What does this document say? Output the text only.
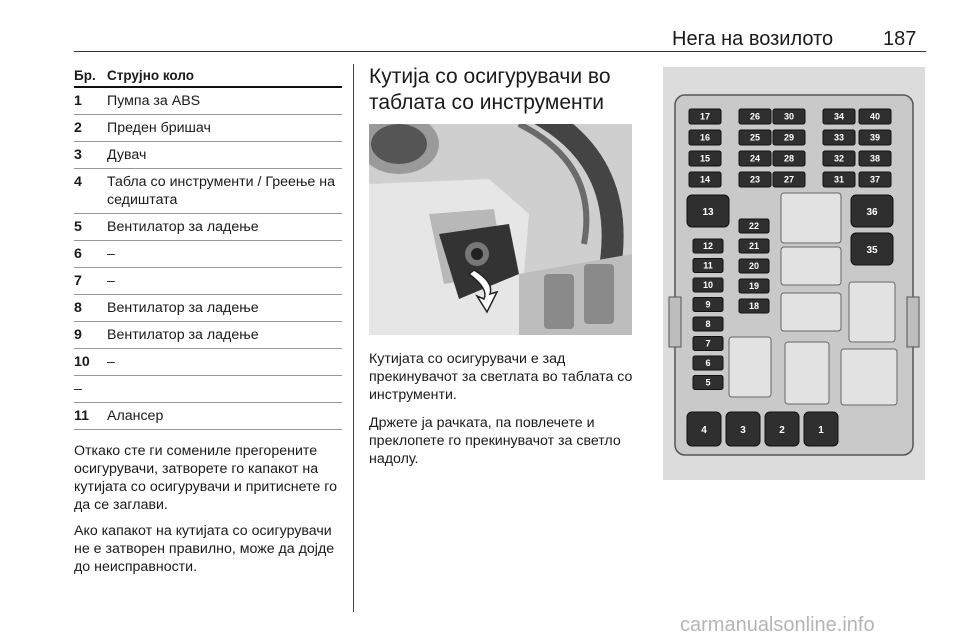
Нега на возилото 187
Бр. Струјно коло
1	Пумпа за ABS
2	Преден бришач
3	Дувач
4	Табла со инструменти / Греење на седиштата
5	Вентилатор за ладење
6	–
7	–
8	Вентилатор за ладење
9	Вентилатор за ладење
10	–
–
11	Алансер
Откако сте ги сомениле прегорените осигурувачи, затворете го капакот на кутијата со осигурувачи и притиснете го да се заглави.
Ако капакот на кутијата со осигурувачи не е затворен правилно, може да дојде до неисправности.
Кутија со осигурувачи во
таблата со инструменти

Кутијата со осигурувачи е зад прекинувачот за светлата во таблата со инструменти.

Држете ја рачката, па повлечете и преклопете го прекинувачот за светло надолу.

17
16
15
14
26
25
24
23
30
29
28
27
34
33
32
31
40
39
38
37
22
21
20
19
18
12
11
10
9
8
7
6
5
13	36
35
4	3	2	1
carmanualsonline.info
